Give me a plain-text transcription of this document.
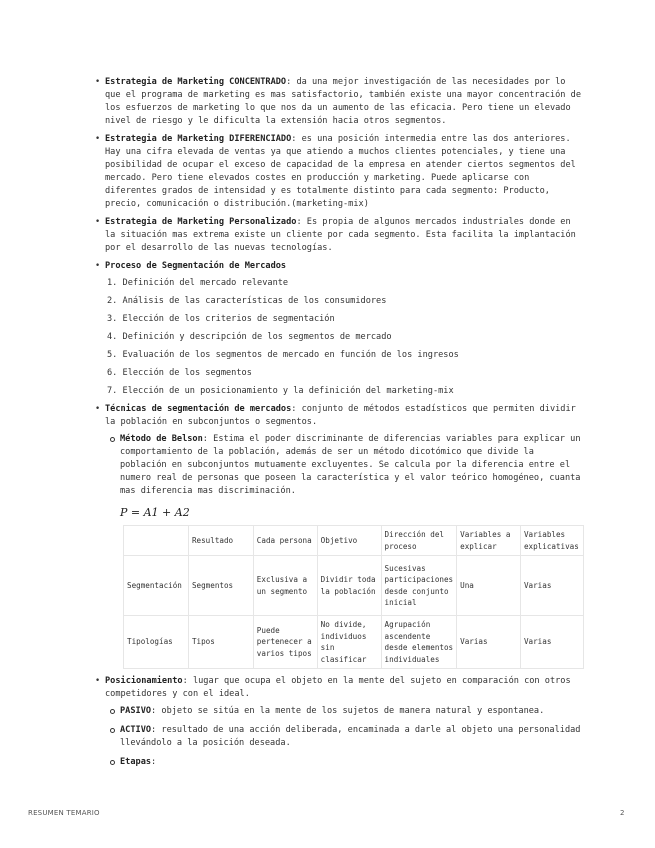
• Estrategia de Marketing CONCENTRADO: da una mejor investigación de las necesidades por lo que el programa de marketing es mas satisfactorio, también existe una mayor concentración de los esfuerzos de marketing lo que nos da un aumento de las eficacia. Pero tiene un elevado nivel de riesgo y le dificulta la extensión hacia otros segmentos.
• Estrategia de Marketing DIFERENCIADO: es una posición intermedia entre las dos anteriores. Hay una cifra elevada de ventas ya que atiendo a muchos clientes potenciales, y tiene una posibilidad de ocupar el exceso de capacidad de la empresa en atender ciertos segmentos del mercado. Pero tiene elevados costes en producción y marketing. Puede aplicarse con diferentes grados de intensidad y es totalmente distinto para cada segmento: Producto, precio, comunicación o distribución.(marketing-mix)
• Estrategia de Marketing Personalizado: Es propia de algunos mercados industriales donde en la situación mas extrema existe un cliente por cada segmento. Esta facilita la implantación por el desarrollo de las nuevas tecnologías.
• Proceso de Segmentación de Mercados
1. Definición del mercado relevante
2. Análisis de las características de los consumidores
3. Elección de los criterios de segmentación
4. Definición y descripción de los segmentos de mercado
5. Evaluación de los segmentos de mercado en función de los ingresos
6. Elección de los segmentos
7. Elección de un posicionamiento y la definición del marketing-mix
• Técnicas de segmentación de mercados: conjunto de métodos estadísticos que permiten dividir la población en subconjuntos o segmentos.
Método de Belson: Estima el poder discriminante de diferencias variables para explicar un comportamiento de la población, además de ser un método dicotómico que divide la población en subconjuntos mutuamente excluyentes. Se calcula por la diferencia entre el numero real de personas que poseen la característica y el valor teórico homogéneo, cuanta mas diferencia mas discriminación.
P = A1 + A2
	Resultado	Cada persona	Objetivo	Dirección del proceso	Variables a explicar	Variables explicativas
Segmentación	Segmentos	Exclusiva a un segmento	Dividir toda la población	Sucesivas participaciones desde conjunto inicial	Una	Varias
Tipologías	Tipos	Puede pertenecer a varios tipos	No divide, individuos sin clasificar	Agrupación ascendente desde elementos individuales	Varias	Varias
• Posicionamiento: lugar que ocupa el objeto en la mente del sujeto en comparación con otros competidores y con el ideal.
PASIVO: objeto se sitúa en la mente de los sujetos de manera natural y espontanea.
ACTIVO: resultado de una acción deliberada, encaminada a darle al objeto una personalidad llevándolo a la posición deseada.
Etapas:
RESUMEN TEMARIO	2
